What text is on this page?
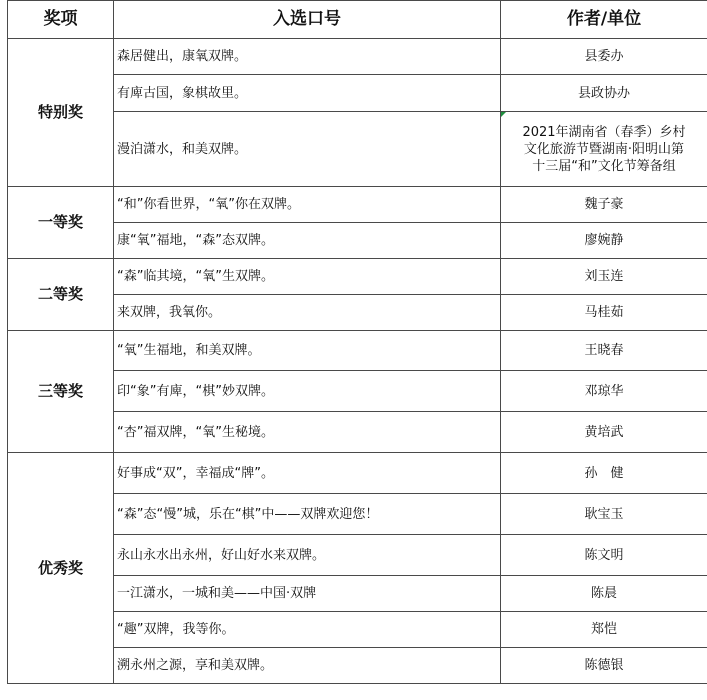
奖项	入选口号	作者/单位
特别奖	森居健出，康氧双牌。	县委办
	有庳古国，象棋故里。	县政协办
	漫泊潇水，和美双牌。	2021年湖南省（春季）乡村
文化旅游节暨湖南·阳明山第
十三届“和”文化节筹备组

一等奖	“和”你看世界，“氧”你在双牌。	魏子豪
	康“氧”福地，“森”态双牌。	廖婉静
二等奖	“森”临其境，“氧”生双牌。	刘玉连
	来双牌，我氧你。	马桂茹
三等奖	“氧”生福地，和美双牌。	王晓春
	印“象”有庳，“棋”妙双牌。	邓琼华
	“杏”福双牌，“氧”生秘境。	黄培武
优秀奖	好事成“双”，幸福成“牌”。	孙　健
	“森”态“慢”城，乐在“棋”中——双牌欢迎您！	耿宝玉
	永山永水出永州，好山好水来双牌。	陈文明
	一江潇水，一城和美——中国·双牌	陈晨
	“趣”双牌，我等你。	郑恺
	溯永州之源，享和美双牌。	陈德银
